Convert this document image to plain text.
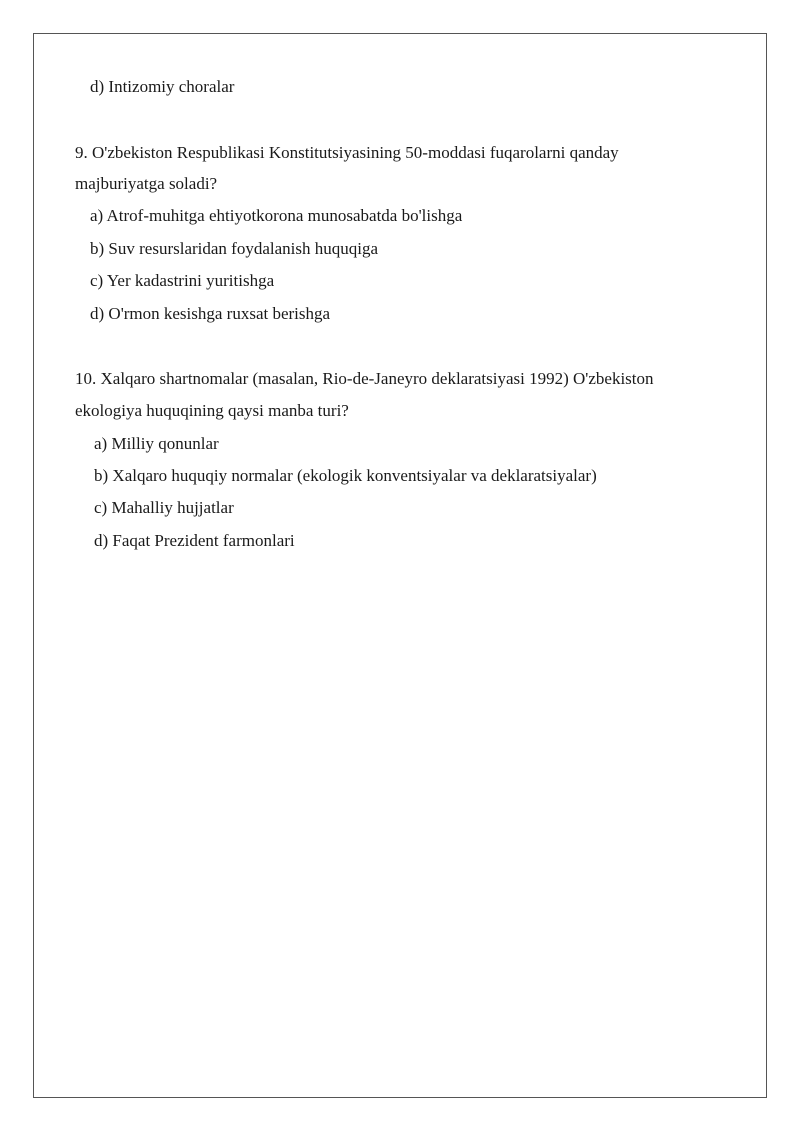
d) Intizomiy choralar
9. O'zbekiston Respublikasi Konstitutsiyasining 50-moddasi fuqarolarni qanday
majburiyatga soladi?
a) Atrof-muhitga ehtiyotkorona munosabatda bo'lishga
b) Suv resurslaridan foydalanish huquqiga
c) Yer kadastrini yuritishga
d) O'rmon kesishga ruxsat berishga
10. Xalqaro shartnomalar (masalan, Rio-de-Janeyro deklaratsiyasi 1992) O'zbekiston
ekologiya huquqining qaysi manba turi?
a) Milliy qonunlar
b) Xalqaro huquqiy normalar (ekologik konventsiyalar va deklaratsiyalar)
c) Mahalliy hujjatlar
d) Faqat Prezident farmonlari
